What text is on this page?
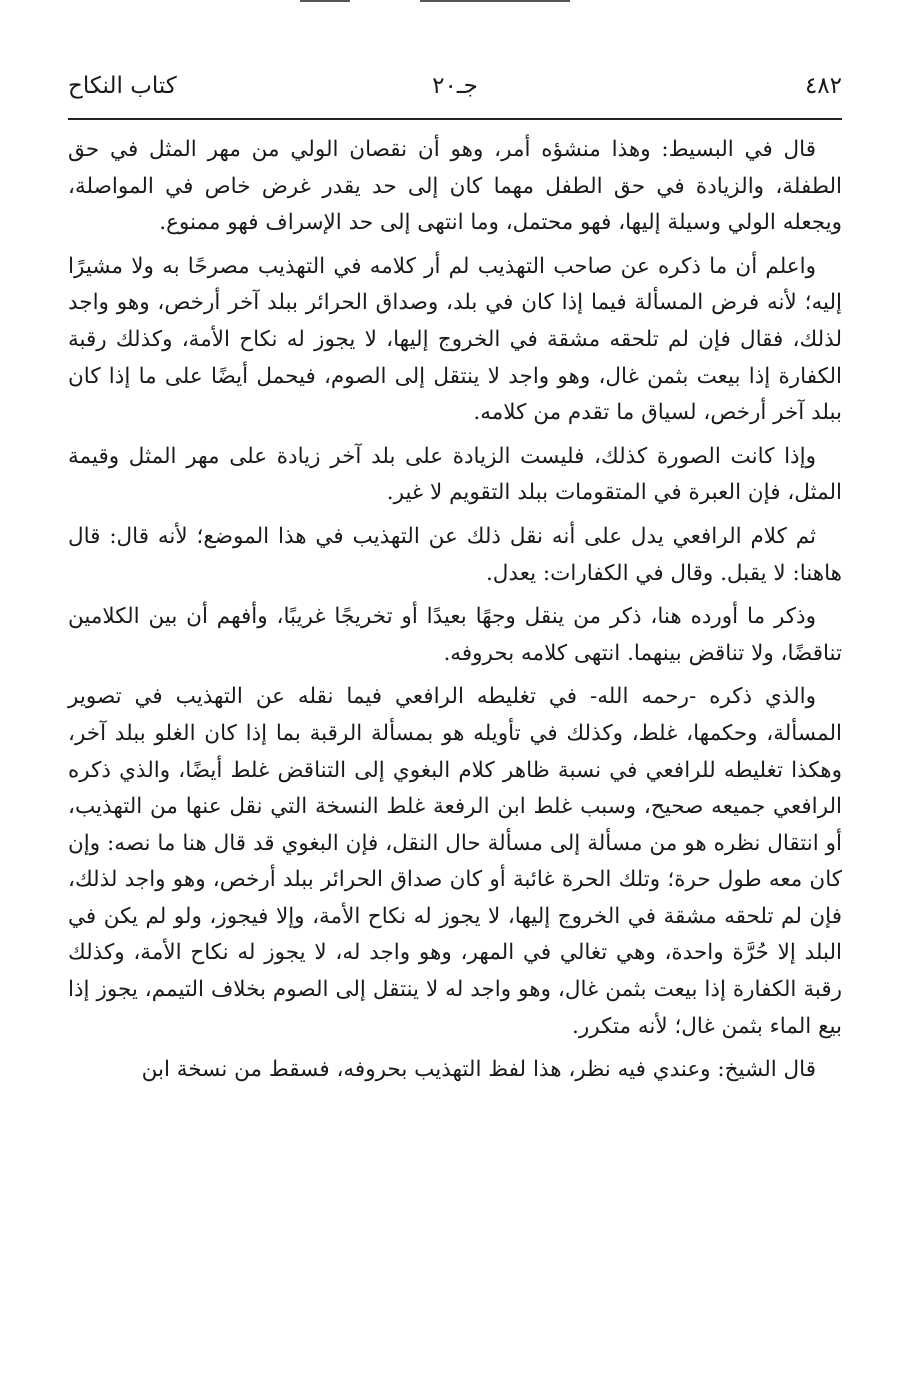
٤٨٢
جـ٢٠
كتاب النكاح

قال في البسيط: وهذا منشؤه أمر، وهو أن نقصان الولي من مهر المثل في حق الطفلة، والزيادة في حق الطفل مهما كان إلى حد يقدر غرض خاص في المواصلة، ويجعله الولي وسيلة إليها، فهو محتمل، وما انتهى إلى حد الإسراف فهو ممنوع.

واعلم أن ما ذكره عن صاحب التهذيب لم أر كلامه في التهذيب مصرحًا به ولا مشيرًا إليه؛ لأنه فرض المسألة فيما إذا كان في بلد، وصداق الحرائر ببلد آخر أرخص، وهو واجد لذلك، فقال فإن لم تلحقه مشقة في الخروج إليها، لا يجوز له نكاح الأمة، وكذلك رقبة الكفارة إذا بيعت بثمن غال، وهو واجد لا ينتقل إلى الصوم، فيحمل أيضًا على ما إذا كان ببلد آخر أرخص، لسياق ما تقدم من كلامه.

وإذا كانت الصورة كذلك، فليست الزيادة على بلد آخر زيادة على مهر المثل وقيمة المثل، فإن العبرة في المتقومات ببلد التقويم لا غير.

ثم كلام الرافعي يدل على أنه نقل ذلك عن التهذيب في هذا الموضع؛ لأنه قال: قال هاهنا: لا يقبل. وقال في الكفارات: يعدل.

وذكر ما أورده هنا، ذكر من ينقل وجهًا بعيدًا أو تخريجًا غريبًا، وأفهم أن بين الكلامين تناقضًا، ولا تناقض بينهما. انتهى كلامه بحروفه.

والذي ذكره -رحمه الله- في تغليطه الرافعي فيما نقله عن التهذيب في تصوير المسألة، وحكمها، غلط، وكذلك في تأويله هو بمسألة الرقبة بما إذا كان الغلو ببلد آخر، وهكذا تغليطه للرافعي في نسبة ظاهر كلام البغوي إلى التناقض غلط أيضًا، والذي ذكره الرافعي جميعه صحيح، وسبب غلط ابن الرفعة غلط النسخة التي نقل عنها من التهذيب، أو انتقال نظره هو من مسألة إلى مسألة حال النقل، فإن البغوي قد قال هنا ما نصه: وإن كان معه طول حرة؛ وتلك الحرة غائبة أو كان صداق الحرائر ببلد أرخص، وهو واجد لذلك، فإن لم تلحقه مشقة في الخروج إليها، لا يجوز له نكاح الأمة، وإلا فيجوز، ولو لم يكن في البلد إلا حُرَّة واحدة، وهي تغالي في المهر، وهو واجد له، لا يجوز له نكاح الأمة، وكذلك رقبة الكفارة إذا بيعت بثمن غال، وهو واجد له لا ينتقل إلى الصوم بخلاف التيمم، يجوز إذا بيع الماء بثمن غال؛ لأنه متكرر.

قال الشيخ: وعندي فيه نظر، هذا لفظ التهذيب بحروفه، فسقط من نسخة ابن
